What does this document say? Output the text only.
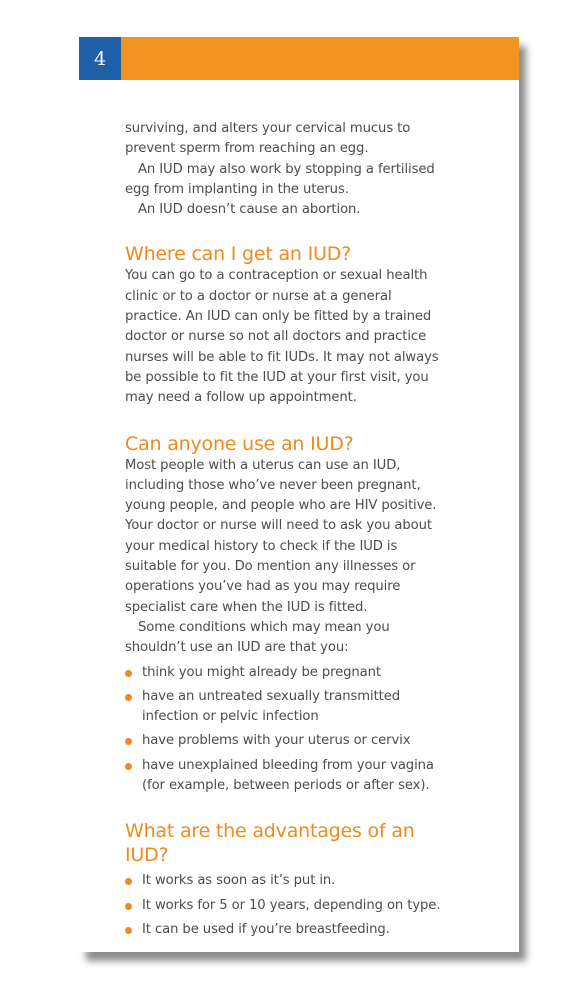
4

surviving, and alters your cervical mucus to prevent sperm from reaching an egg.

An IUD may also work by stopping a fertilised egg from implanting in the uterus.

An IUD doesn’t cause an abortion.

Where can I get an IUD?

You can go to a contraception or sexual health clinic or to a doctor or nurse at a general practice. An IUD can only be fitted by a trained doctor or nurse so not all doctors and practice nurses will be able to fit IUDs. It may not always be possible to fit the IUD at your first visit, you may need a follow up appointment.

Can anyone use an IUD?

Most people with a uterus can use an IUD, including those who’ve never been pregnant, young people, and people who are HIV positive. Your doctor or nurse will need to ask you about your medical history to check if the IUD is suitable for you. Do mention any illnesses or operations you’ve had as you may require specialist care when the IUD is fitted.

Some conditions which may mean you shouldn’t use an IUD are that you:

think you might already be pregnant
have an untreated sexually transmitted infection or pelvic infection
have problems with your uterus or cervix
have unexplained bleeding from your vagina (for example, between periods or after sex).
What are the advantages of an IUD?
It works as soon as it’s put in.
It works for 5 or 10 years, depending on type.
It can be used if you’re breastfeeding.
